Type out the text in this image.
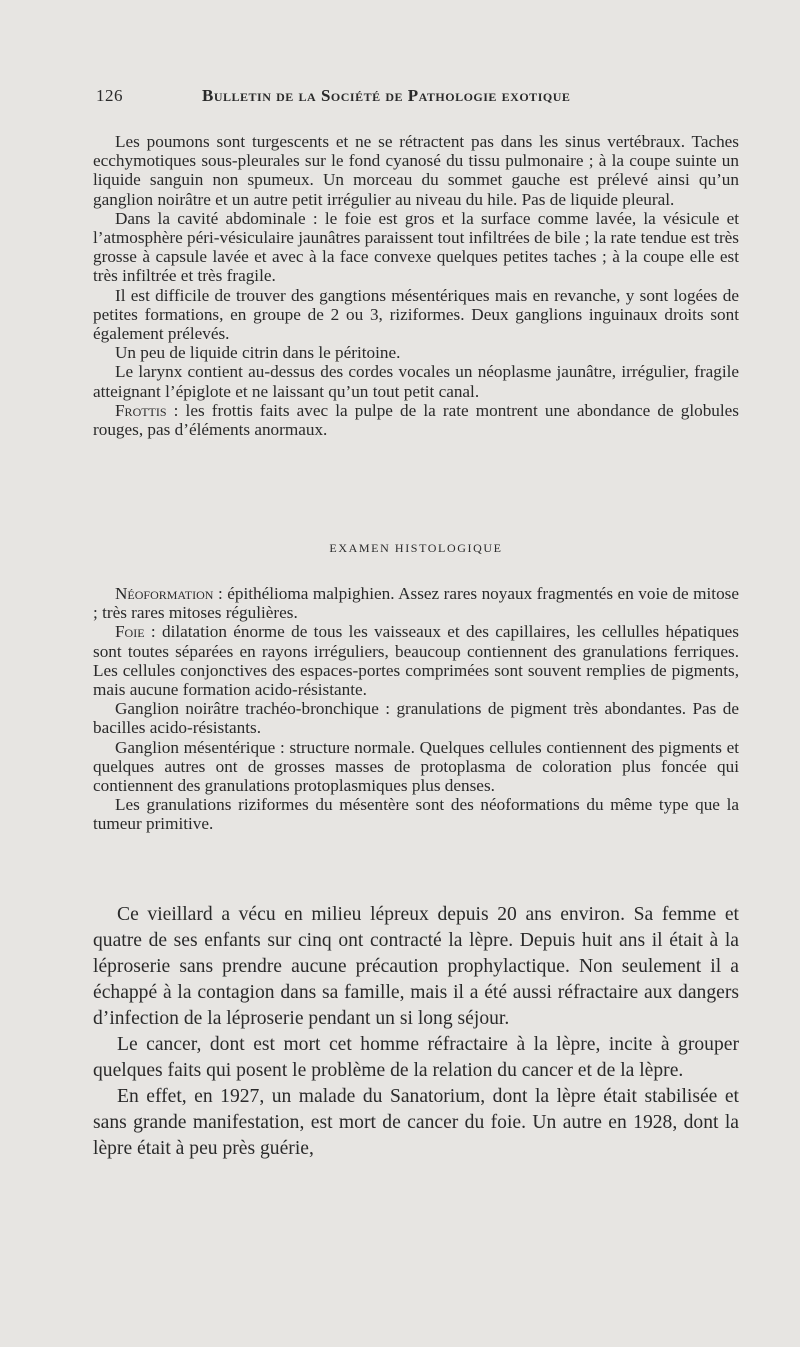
126	Bulletin de la Société de Pathologie exotique

Les poumons sont turgescents et ne se rétractent pas dans les sinus vertébraux. Taches ecchymotiques sous-pleurales sur le fond cyanosé du tissu pulmonaire ; à la coupe suinte un liquide sanguin non spumeux. Un morceau du sommet gauche est prélevé ainsi qu’un ganglion noirâtre et un autre petit irrégulier au niveau du hile. Pas de liquide pleural.

Dans la cavité abdominale : le foie est gros et la surface comme lavée, la vésicule et l’atmosphère péri-vésiculaire jaunâtres paraissent tout infiltrées de bile ; la rate tendue est très grosse à capsule lavée et avec à la face convexe quelques petites taches ; à la coupe elle est très infiltrée et très fragile.

Il est difficile de trouver des gangtions mésentériques mais en revanche, y sont logées de petites formations, en groupe de 2 ou 3, riziformes. Deux ganglions inguinaux droits sont également prélevés.

Un peu de liquide citrin dans le péritoine.

Le larynx contient au-dessus des cordes vocales un néoplasme jaunâtre, irrégulier, fragile atteignant l’épiglote et ne laissant qu’un tout petit canal.

Frottis : les frottis faits avec la pulpe de la rate montrent une abondance de globules rouges, pas d’éléments anormaux.

EXAMEN HISTOLOGIQUE

Néoformation : épithélioma malpighien. Assez rares noyaux fragmentés en voie de mitose ; très rares mitoses régulières.

Foie : dilatation énorme de tous les vaisseaux et des capillaires, les cellulles hépatiques sont toutes séparées en rayons irréguliers, beaucoup contiennent des granulations ferriques. Les cellules conjonctives des espaces-portes comprimées sont souvent remplies de pigments, mais aucune formation acido-résistante.

Ganglion noirâtre trachéo-bronchique : granulations de pigment très abondantes. Pas de bacilles acido-résistants.

Ganglion mésentérique : structure normale. Quelques cellules contiennent des pigments et quelques autres ont de grosses masses de protoplasma de coloration plus foncée qui contiennent des granulations protoplasmiques plus denses.

Les granulations riziformes du mésentère sont des néoformations du même type que la tumeur primitive.

Ce vieillard a vécu en milieu lépreux depuis 20 ans environ. Sa femme et quatre de ses enfants sur cinq ont contracté la lèpre. Depuis huit ans il était à la léproserie sans prendre aucune précaution prophylactique. Non seulement il a échappé à la contagion dans sa famille, mais il a été aussi réfractaire aux dangers d’infection de la léproserie pendant un si long séjour.

Le cancer, dont est mort cet homme réfractaire à la lèpre, incite à grouper quelques faits qui posent le problème de la relation du cancer et de la lèpre.

En effet, en 1927, un malade du Sanatorium, dont la lèpre était stabilisée et sans grande manifestation, est mort de cancer du foie. Un autre en 1928, dont la lèpre était à peu près guérie,
